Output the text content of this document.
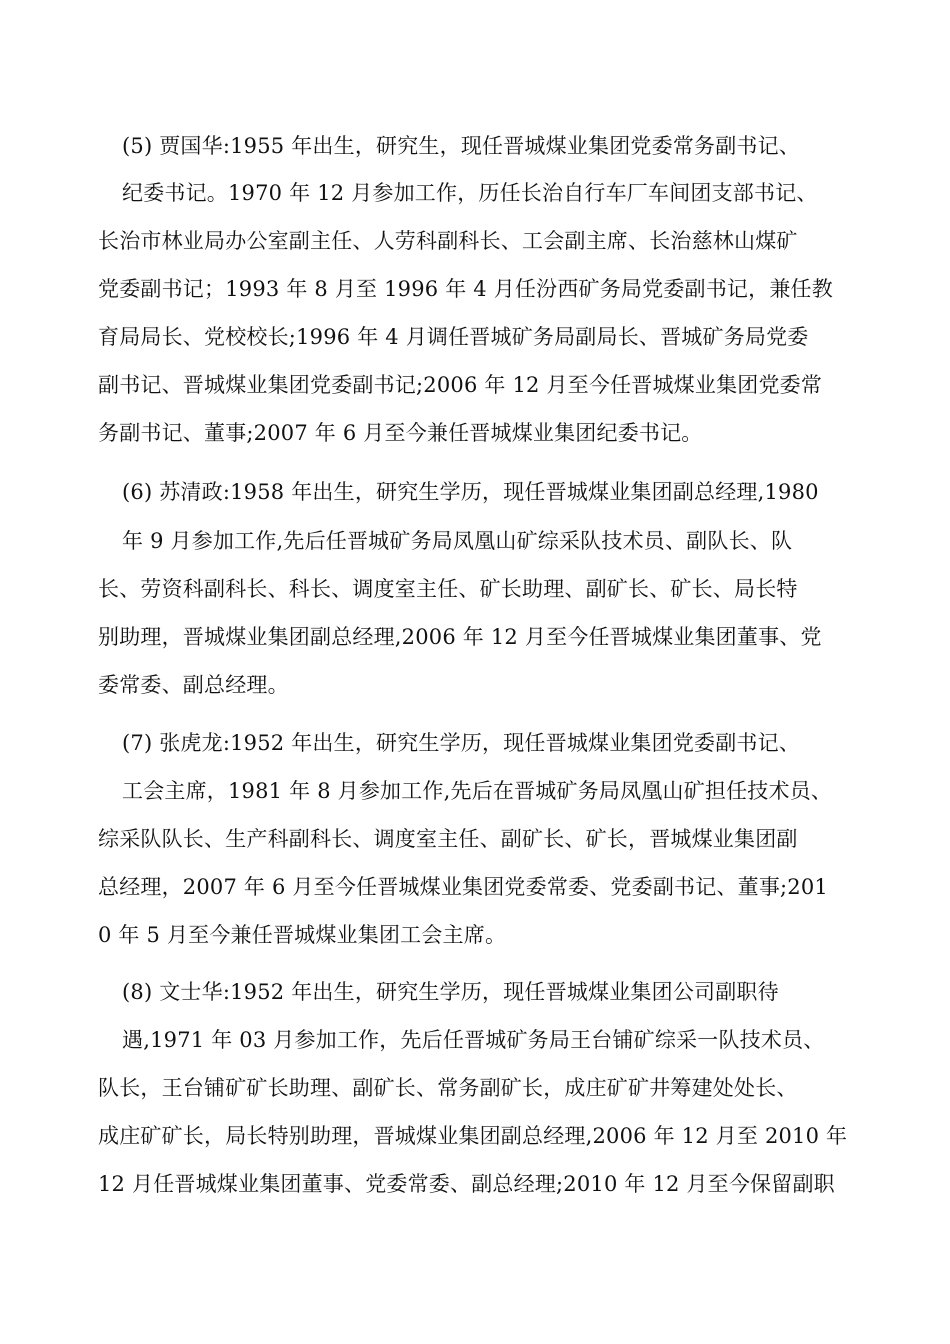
(5) 贾国华:1955 年出生，研究生，现任晋城煤业集团党委常务副书记、
纪委书记。1970 年 12 月参加工作，历任长治自行车厂车间团支部书记、
长治市林业局办公室副主任、人劳科副科长、工会副主席、长治慈林山煤矿
党委副书记；1993 年 8 月至 1996 年 4 月任汾西矿务局党委副书记，兼任教
育局局长、党校校长;1996 年 4 月调任晋城矿务局副局长、晋城矿务局党委
副书记、晋城煤业集团党委副书记;2006 年 12 月至今任晋城煤业集团党委常
务副书记、董事;2007 年 6 月至今兼任晋城煤业集团纪委书记。
(6) 苏清政:1958 年出生，研究生学历，现任晋城煤业集团副总经理,1980
年 9 月参加工作,先后任晋城矿务局凤凰山矿综采队技术员、副队长、队
长、劳资科副科长、科长、调度室主任、矿长助理、副矿长、矿长、局长特
别助理，晋城煤业集团副总经理,2006 年 12 月至今任晋城煤业集团董事、党
委常委、副总经理。
(7) 张虎龙:1952 年出生，研究生学历，现任晋城煤业集团党委副书记、
工会主席，1981 年 8 月参加工作,先后在晋城矿务局凤凰山矿担任技术员、
综采队队长、生产科副科长、调度室主任、副矿长、矿长，晋城煤业集团副
总经理，2007 年 6 月至今任晋城煤业集团党委常委、党委副书记、董事;201
0 年 5 月至今兼任晋城煤业集团工会主席。
(8) 文士华:1952 年出生，研究生学历，现任晋城煤业集团公司副职待
遇,1971 年 03 月参加工作，先后任晋城矿务局王台铺矿综采一队技术员、
队长，王台铺矿矿长助理、副矿长、常务副矿长，成庄矿矿井筹建处处长、
成庄矿矿长，局长特别助理，晋城煤业集团副总经理,2006 年 12 月至 2010 年
12 月任晋城煤业集团董事、党委常委、副总经理;2010 年 12 月至今保留副职
